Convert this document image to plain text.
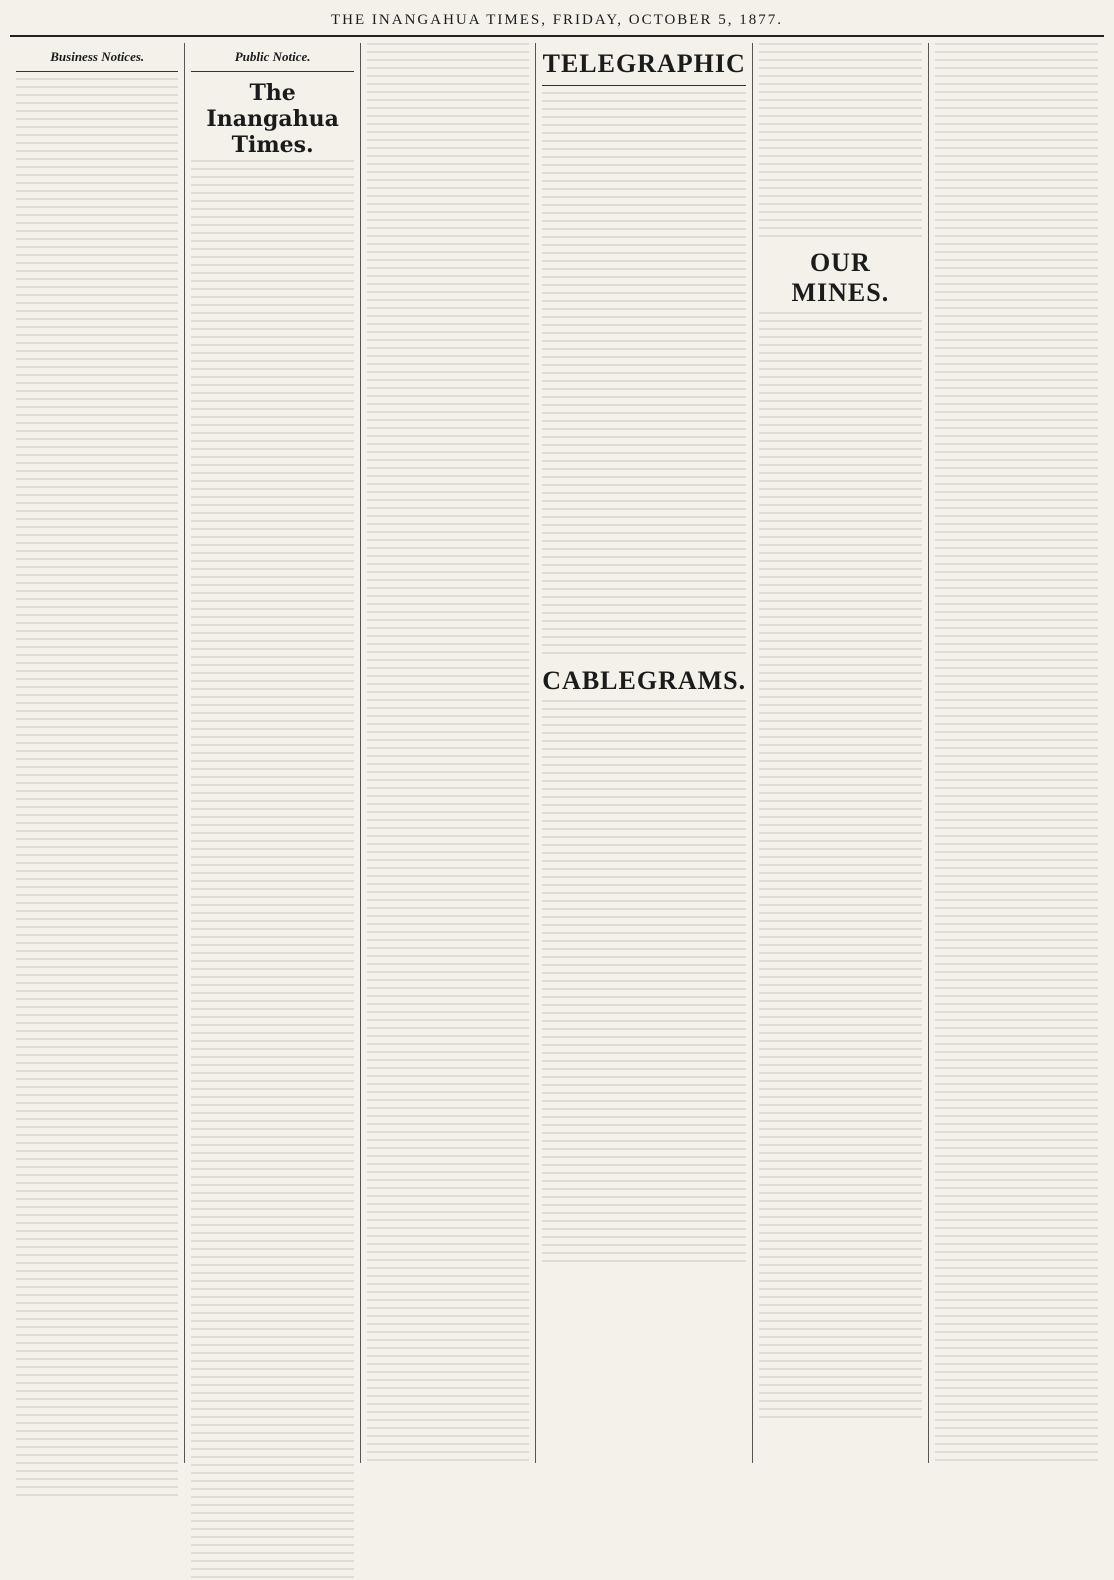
THE INANGAHUA TIMES, FRIDAY, OCTOBER 5, 1877.
Business Notices.	Public Notice.
The Inangahua Times.
TELEGRAPHIC
CABLEGRAMS.
OUR MINES.
